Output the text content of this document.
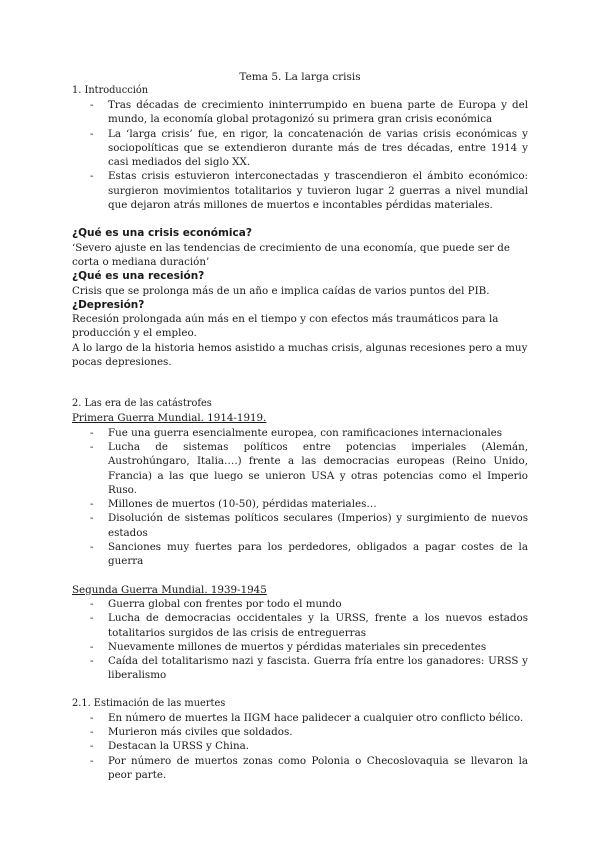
Tema 5. La larga crisis

1. Introducción

- Tras décadas de crecimiento ininterrumpido en buena parte de Europa y del mundo, la economía global protagonizó su primera gran crisis económica
- La ‘larga crisis’ fue, en rigor, la concatenación de varias crisis económicas y sociopolíticas que se extendieron durante más de tres décadas, entre 1914 y casi mediados del siglo XX.
- Estas crisis estuvieron interconectadas y trascendieron el ámbito económico: surgieron movimientos totalitarios y tuvieron lugar 2 guerras a nivel mundial que dejaron atrás millones de muertos e incontables pérdidas materiales.

¿Qué es una crisis económica?

‘Severo ajuste en las tendencias de crecimiento de una economía, que puede ser de corta o mediana duración’

¿Qué es una recesión?

Crisis que se prolonga más de un año e implica caídas de varios puntos del PIB.

¿Depresión?

Recesión prolongada aún más en el tiempo y con efectos más traumáticos para la producción y el empleo.

A lo largo de la historia hemos asistido a muchas crisis, algunas recesiones pero a muy pocas depresiones.

2. Las era de las catástrofes

Primera Guerra Mundial. 1914-1919.

- Fue una guerra esencialmente europea, con ramificaciones internacionales
- Lucha de sistemas políticos entre potencias imperiales (Alemán, Austrohúngaro, Italia….) frente a las democracias europeas (Reino Unido, Francia) a las que luego se unieron USA y otras potencias como el Imperio Ruso.
- Millones de muertos (10-50), pérdidas materiales…
- Disolución de sistemas políticos seculares (Imperios) y surgimiento de nuevos estados
- Sanciones muy fuertes para los perdedores, obligados a pagar costes de la guerra

Segunda Guerra Mundial. 1939-1945

- Guerra global con frentes por todo el mundo
- Lucha de democracias occidentales y la URSS, frente a los nuevos estados totalitarios surgidos de las crisis de entreguerras
- Nuevamente millones de muertos y pérdidas materiales sin precedentes
- Caída del totalitarismo nazi y fascista. Guerra fría entre los ganadores: URSS y liberalismo

2.1. Estimación de las muertes

- En número de muertes la IIGM hace palidecer a cualquier otro conflicto bélico.
- Murieron más civiles que soldados.
- Destacan la URSS y China.
- Por número de muertos zonas como Polonia o Checoslovaquia se llevaron la peor parte.
